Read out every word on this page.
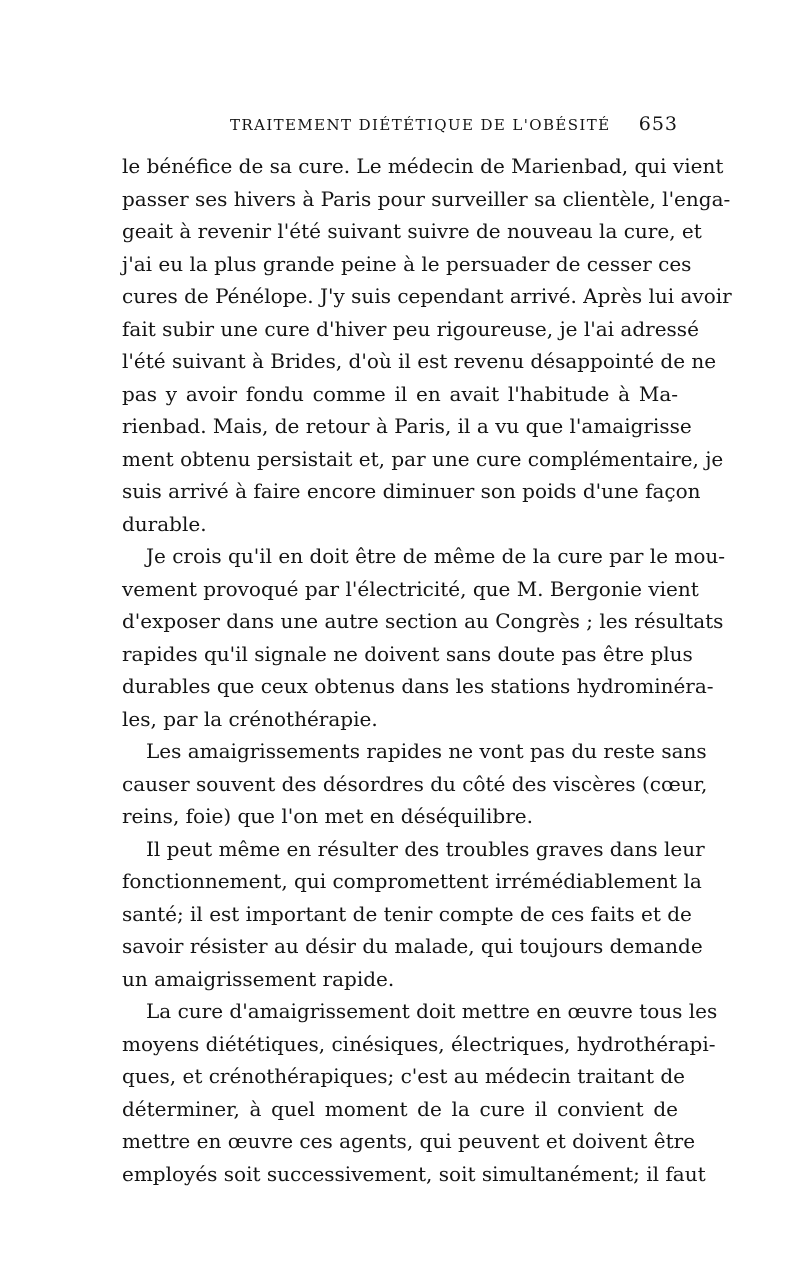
TRAITEMENT DIÉTÉTIQUE DE L'OBÉSITÉ 653
le bénéfice de sa cure. Le médecin de Marienbad, qui vient
passer ses hivers à Paris pour surveiller sa clientèle, l'enga-
geait à revenir l'été suivant suivre de nouveau la cure, et
j'ai eu la plus grande peine à le persuader de cesser ces
cures de Pénélope. J'y suis cependant arrivé. Après lui avoir
fait subir une cure d'hiver peu rigoureuse, je l'ai adressé
l'été suivant à Brides, d'où il est revenu désappointé de ne
pas y avoir fondu comme il en avait l'habitude à Ma-
rienbad. Mais, de retour à Paris, il a vu que l'amaigrisse
ment obtenu persistait et, par une cure complémentaire, je
suis arrivé à faire encore diminuer son poids d'une façon
durable.
Je crois qu'il en doit être de même de la cure par le mou-
vement provoqué par l'électricité, que M. Bergonie vient
d'exposer dans une autre section au Congrès ; les résultats
rapides qu'il signale ne doivent sans doute pas être plus
durables que ceux obtenus dans les stations hydrominéra-
les, par la crénothérapie.
Les amaigrissements rapides ne vont pas du reste sans
causer souvent des désordres du côté des viscères (cœur,
reins, foie) que l'on met en déséquilibre.
Il peut même en résulter des troubles graves dans leur
fonctionnement, qui compromettent irrémédiablement la
santé; il est important de tenir compte de ces faits et de
savoir résister au désir du malade, qui toujours demande
un amaigrissement rapide.
La cure d'amaigrissement doit mettre en œuvre tous les
moyens diététiques, cinésiques, électriques, hydrothérapi-
ques, et crénothérapiques; c'est au médecin traitant de
déterminer, à quel moment de la cure il convient de
mettre en œuvre ces agents, qui peuvent et doivent être
employés soit successivement, soit simultanément; il faut
